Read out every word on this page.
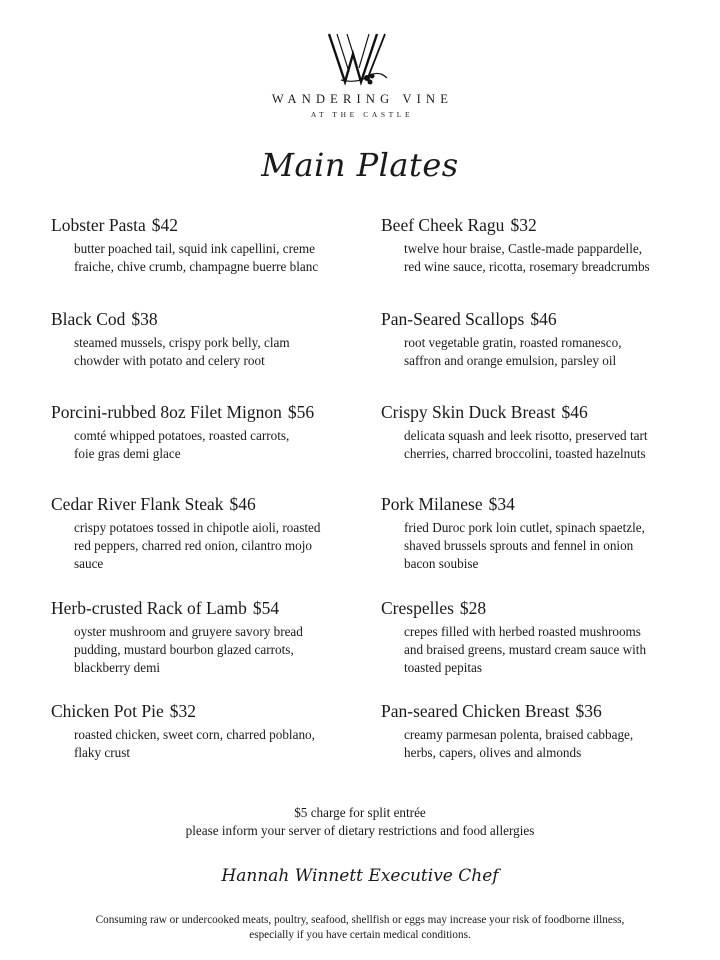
WANDERING VINE
AT THE CASTLE
Main Plates
Lobster Pasta $42
butter poached tail, squid ink capellini, creme
fraiche, chive crumb, champagne buerre blanc
Black Cod $38
steamed mussels, crispy pork belly, clam
chowder with potato and celery root
Porcini-rubbed 8oz Filet Mignon $56
comté whipped potatoes, roasted carrots,
foie gras demi glace
Cedar River Flank Steak $46
crispy potatoes tossed in chipotle aioli, roasted
red peppers, charred red onion, cilantro mojo
sauce
Herb-crusted Rack of Lamb $54
oyster mushroom and gruyere savory bread
pudding, mustard bourbon glazed carrots,
blackberry demi
Chicken Pot Pie $32
roasted chicken, sweet corn, charred poblano,
flaky crust
Beef Cheek Ragu $32
twelve hour braise, Castle-made pappardelle,
red wine sauce, ricotta, rosemary breadcrumbs
Pan-Seared Scallops $46
root vegetable gratin, roasted romanesco,
saffron and orange emulsion, parsley oil
Crispy Skin Duck Breast $46
delicata squash and leek risotto, preserved tart
cherries, charred broccolini, toasted hazelnuts
Pork Milanese $34
fried Duroc pork loin cutlet, spinach spaetzle,
shaved brussels sprouts and fennel in onion
bacon soubise
Crespelles $28
crepes filled with herbed roasted mushrooms
and braised greens, mustard cream sauce with
toasted pepitas
Pan-seared Chicken Breast $36
creamy parmesan polenta, braised cabbage,
herbs, capers, olives and almonds
$5 charge for split entrée
please inform your server of dietary restrictions and food allergies
Hannah Winnett Executive Chef
Consuming raw or undercooked meats, poultry, seafood, shellfish or eggs may increase your risk of foodborne illness,
especially if you have certain medical conditions.
